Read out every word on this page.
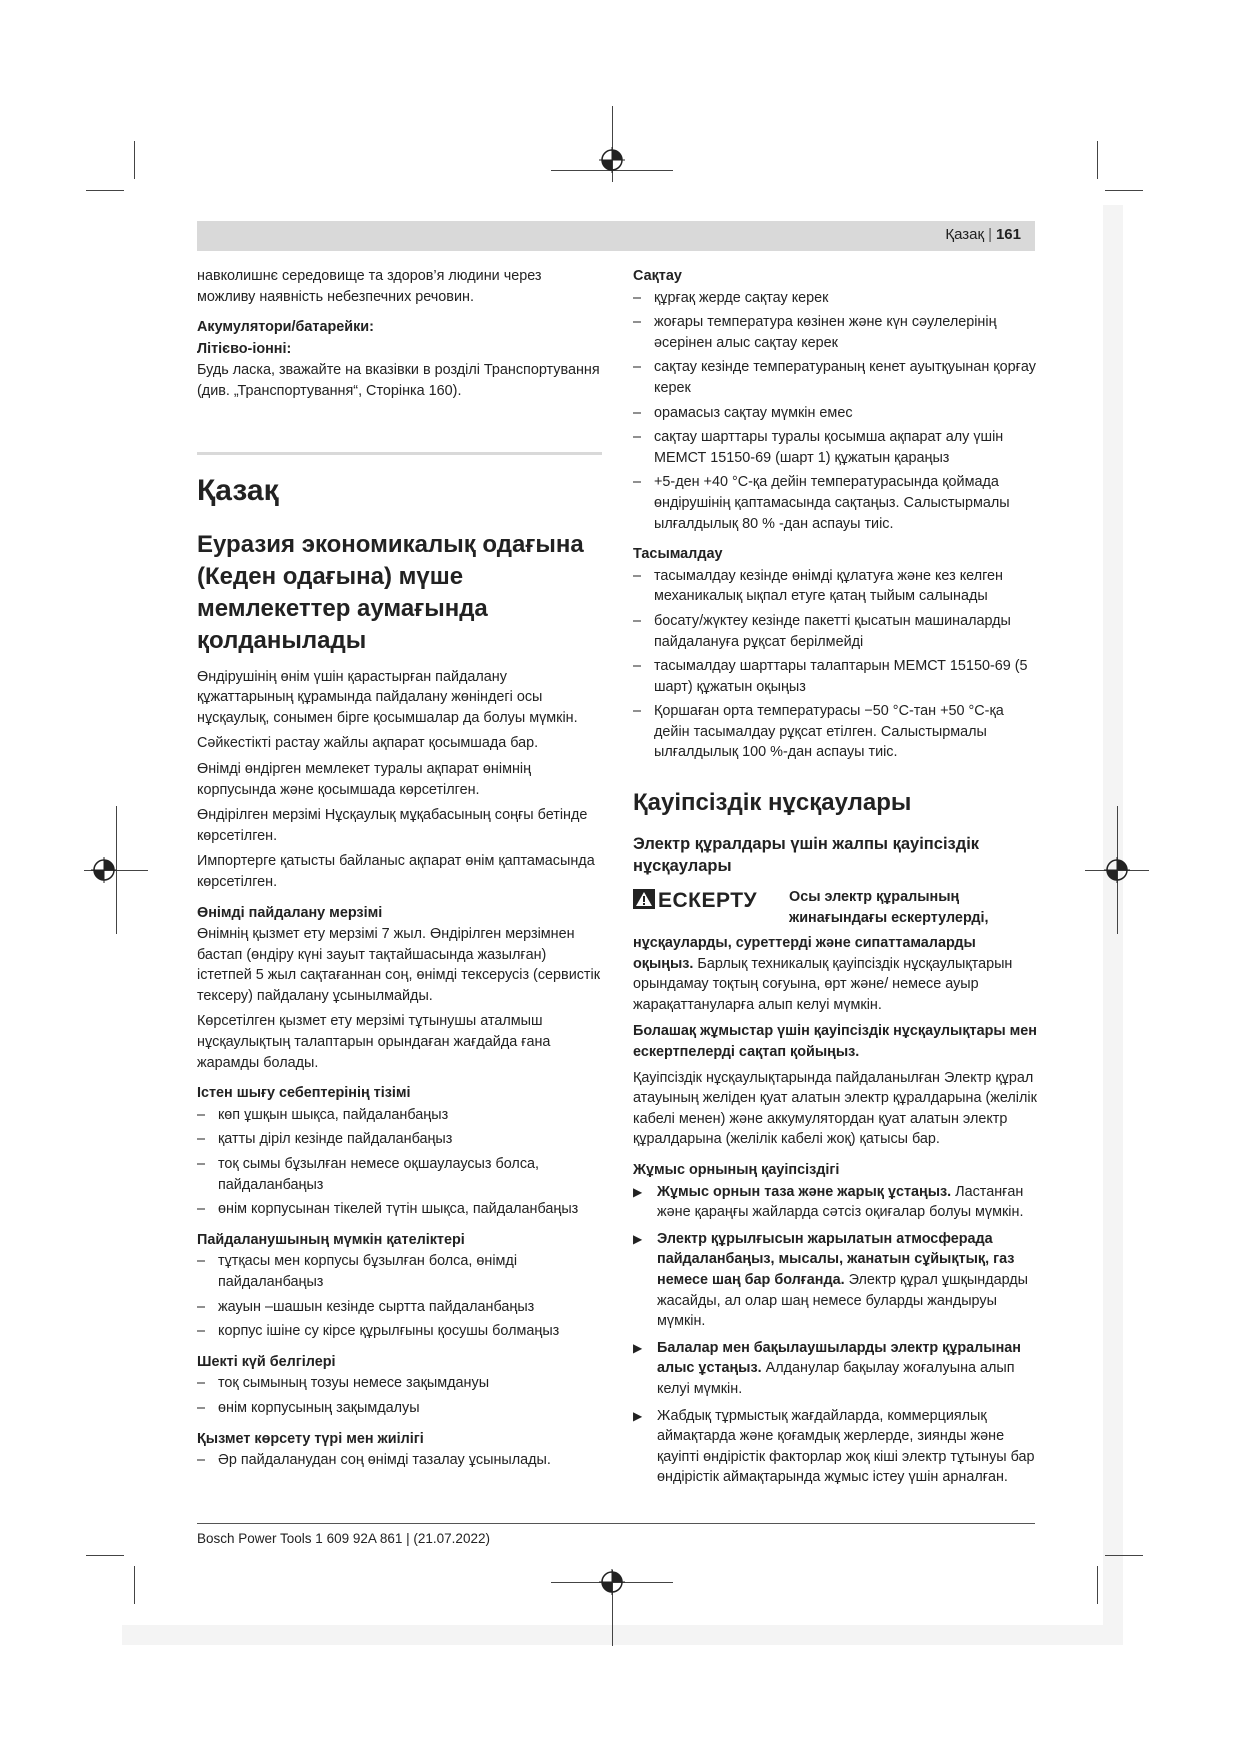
Қазақ | 161
навколишнє середовище та здоров’я людини через можливу наявність небезпечних речовин.
Акумулятори/батарейки:
Літієво-іонні:
Будь ласка, зважайте на вказівки в розділі Транспортування (див. „Транспортування“, Сторінка 160).
Қазақ
Еуразия экономикалық одағына (Кеден одағына) мүше мемлекеттер аумағында қолданылады
Өндірушінің өнім үшін қарастырған пайдалану құжаттарының құрамында пайдалану жөніндегі осы нұсқаулық, сонымен бірге қосымшалар да болуы мүмкін.
Сәйкестікті растау жайлы ақпарат қосымшада бар.
Өнімді өндірген мемлекет туралы ақпарат өнімнің корпусында және қосымшада көрсетілген.
Өндірілген мерзімі Нұсқаулық мұқабасының соңғы бетінде көрсетілген.
Импортерге қатысты байланыс ақпарат өнім қаптамасында көрсетілген.
Өнімді пайдалану мерзімі
Өнімнің қызмет ету мерзімі 7 жыл. Өндірілген мерзімнен бастап (өндіру күні зауыт тақтайшасында жазылған) істетпей 5 жыл сақтағаннан соң, өнімді тексерусіз (сервистік тексеру) пайдалану ұсынылмайды.
Көрсетілген қызмет ету мерзімі тұтынушы аталмыш нұсқаулықтың талаптарын орындаған жағдайда ғана жарамды болады.
Істен шығу себептерінің тізімі
– көп ұшқын шықса, пайдаланбаңыз
– қатты діріл кезінде пайдаланбаңыз
– тоқ сымы бұзылған немесе оқшаулаусыз болса, пайдаланбаңыз
– өнім корпусынан тікелей түтін шықса, пайдаланбаңыз
Пайдаланушының мүмкін қателіктері
– тұтқасы мен корпусы бұзылған болса, өнімді пайдаланбаңыз
– жауын –шашын кезінде сыртта пайдаланбаңыз
– корпус ішіне су кірсе құрылғыны қосушы болмаңыз
Шекті күй белгілері
– тоқ сымының тозуы немесе зақымдануы
– өнім корпусының зақымдалуы
Қызмет көрсету түрі мен жиілігі
– Әр пайдаланудан соң өнімді тазалау ұсынылады.
Сақтау
– құрғақ жерде сақтау керек
– жоғары температура көзінен және күн сәулелерінің әсерінен алыс сақтау керек
– сақтау кезінде температураның кенет ауытқуынан қорғау керек
– орамасыз сақтау мүмкін емес
– сақтау шарттары туралы қосымша ақпарат алу үшін МЕМСТ 15150-69 (шарт 1) құжатын қараңыз
– +5-ден +40 °C-қа дейін температурасында қоймада өндірушінің қаптамасында сақтаңыз. Салыстырмалы ылғалдылық 80 % -дан аспауы тиіс.
Тасымалдау
– тасымалдау кезінде өнімді құлатуға және кез келген механикалық ықпал етуге қатаң тыйым салынады
– босату/жүктеу кезінде пакетті қысатын машиналарды пайдалануға рұқсат берілмейді
– тасымалдау шарттары талаптарын МЕМСТ 15150-69 (5 шарт) құжатын оқыңыз
– Қоршаған орта температурасы −50 °C-тан +50 °C-қа дейін тасымалдау рұқсат етілген. Салыстырмалы ылғалдылық 100 %-дан аспауы тиіс.
Қауіпсіздік нұсқаулары
Электр құралдары үшін жалпы қауіпсіздік нұсқаулары
ЕСКЕРТУ Осы электр құралының жинағындағы ескертулерді,
нұсқауларды, суреттерді және сипаттамаларды оқыңыз. Барлық техникалық қауіпсіздік нұсқаулықтарын орындамау тоқтың соғуына, өрт және/ немесе ауыр жарақаттануларға алып келуі мүмкін.
Болашақ жұмыстар үшін қауіпсіздік нұсқаулықтары мен ескертпелерді сақтап қойыңыз.
Қауіпсіздік нұсқаулықтарында пайдаланылған Электр құрал атауының желіден қуат алатын электр құралдарына (желілік кабелі менен) және аккумулятордан қуат алатын электр құралдарына (желілік кабелі жоқ) қатысы бар.
Жұмыс орнының қауіпсіздігі
▶ Жұмыс орнын таза және жарық ұстаңыз. Ластанған және қараңғы жайларда сәтсіз оқиғалар болуы мүмкін.
▶ Электр құрылғысын жарылатын атмосферада пайдаланбаңыз, мысалы, жанатын сұйықтық, газ немесе шаң бар болғанда. Электр құрал ұшқындарды жасайды, ал олар шаң немесе буларды жандыруы мүмкін.
▶ Балалар мен бақылаушыларды электр құралынан алыс ұстаңыз. Алданулар бақылау жоғалуына алып келуі мүмкін.
▶ Жабдық тұрмыстық жағдайларда, коммерциялық аймақтарда және қоғамдық жерлерде, зиянды және қауіпті өндірістік факторлар жоқ кіші электр тұтынуы бар өндірістік аймақтарында жұмыс істеу үшін арналған.
Bosch Power Tools 1 609 92A 861 | (21.07.2022)
